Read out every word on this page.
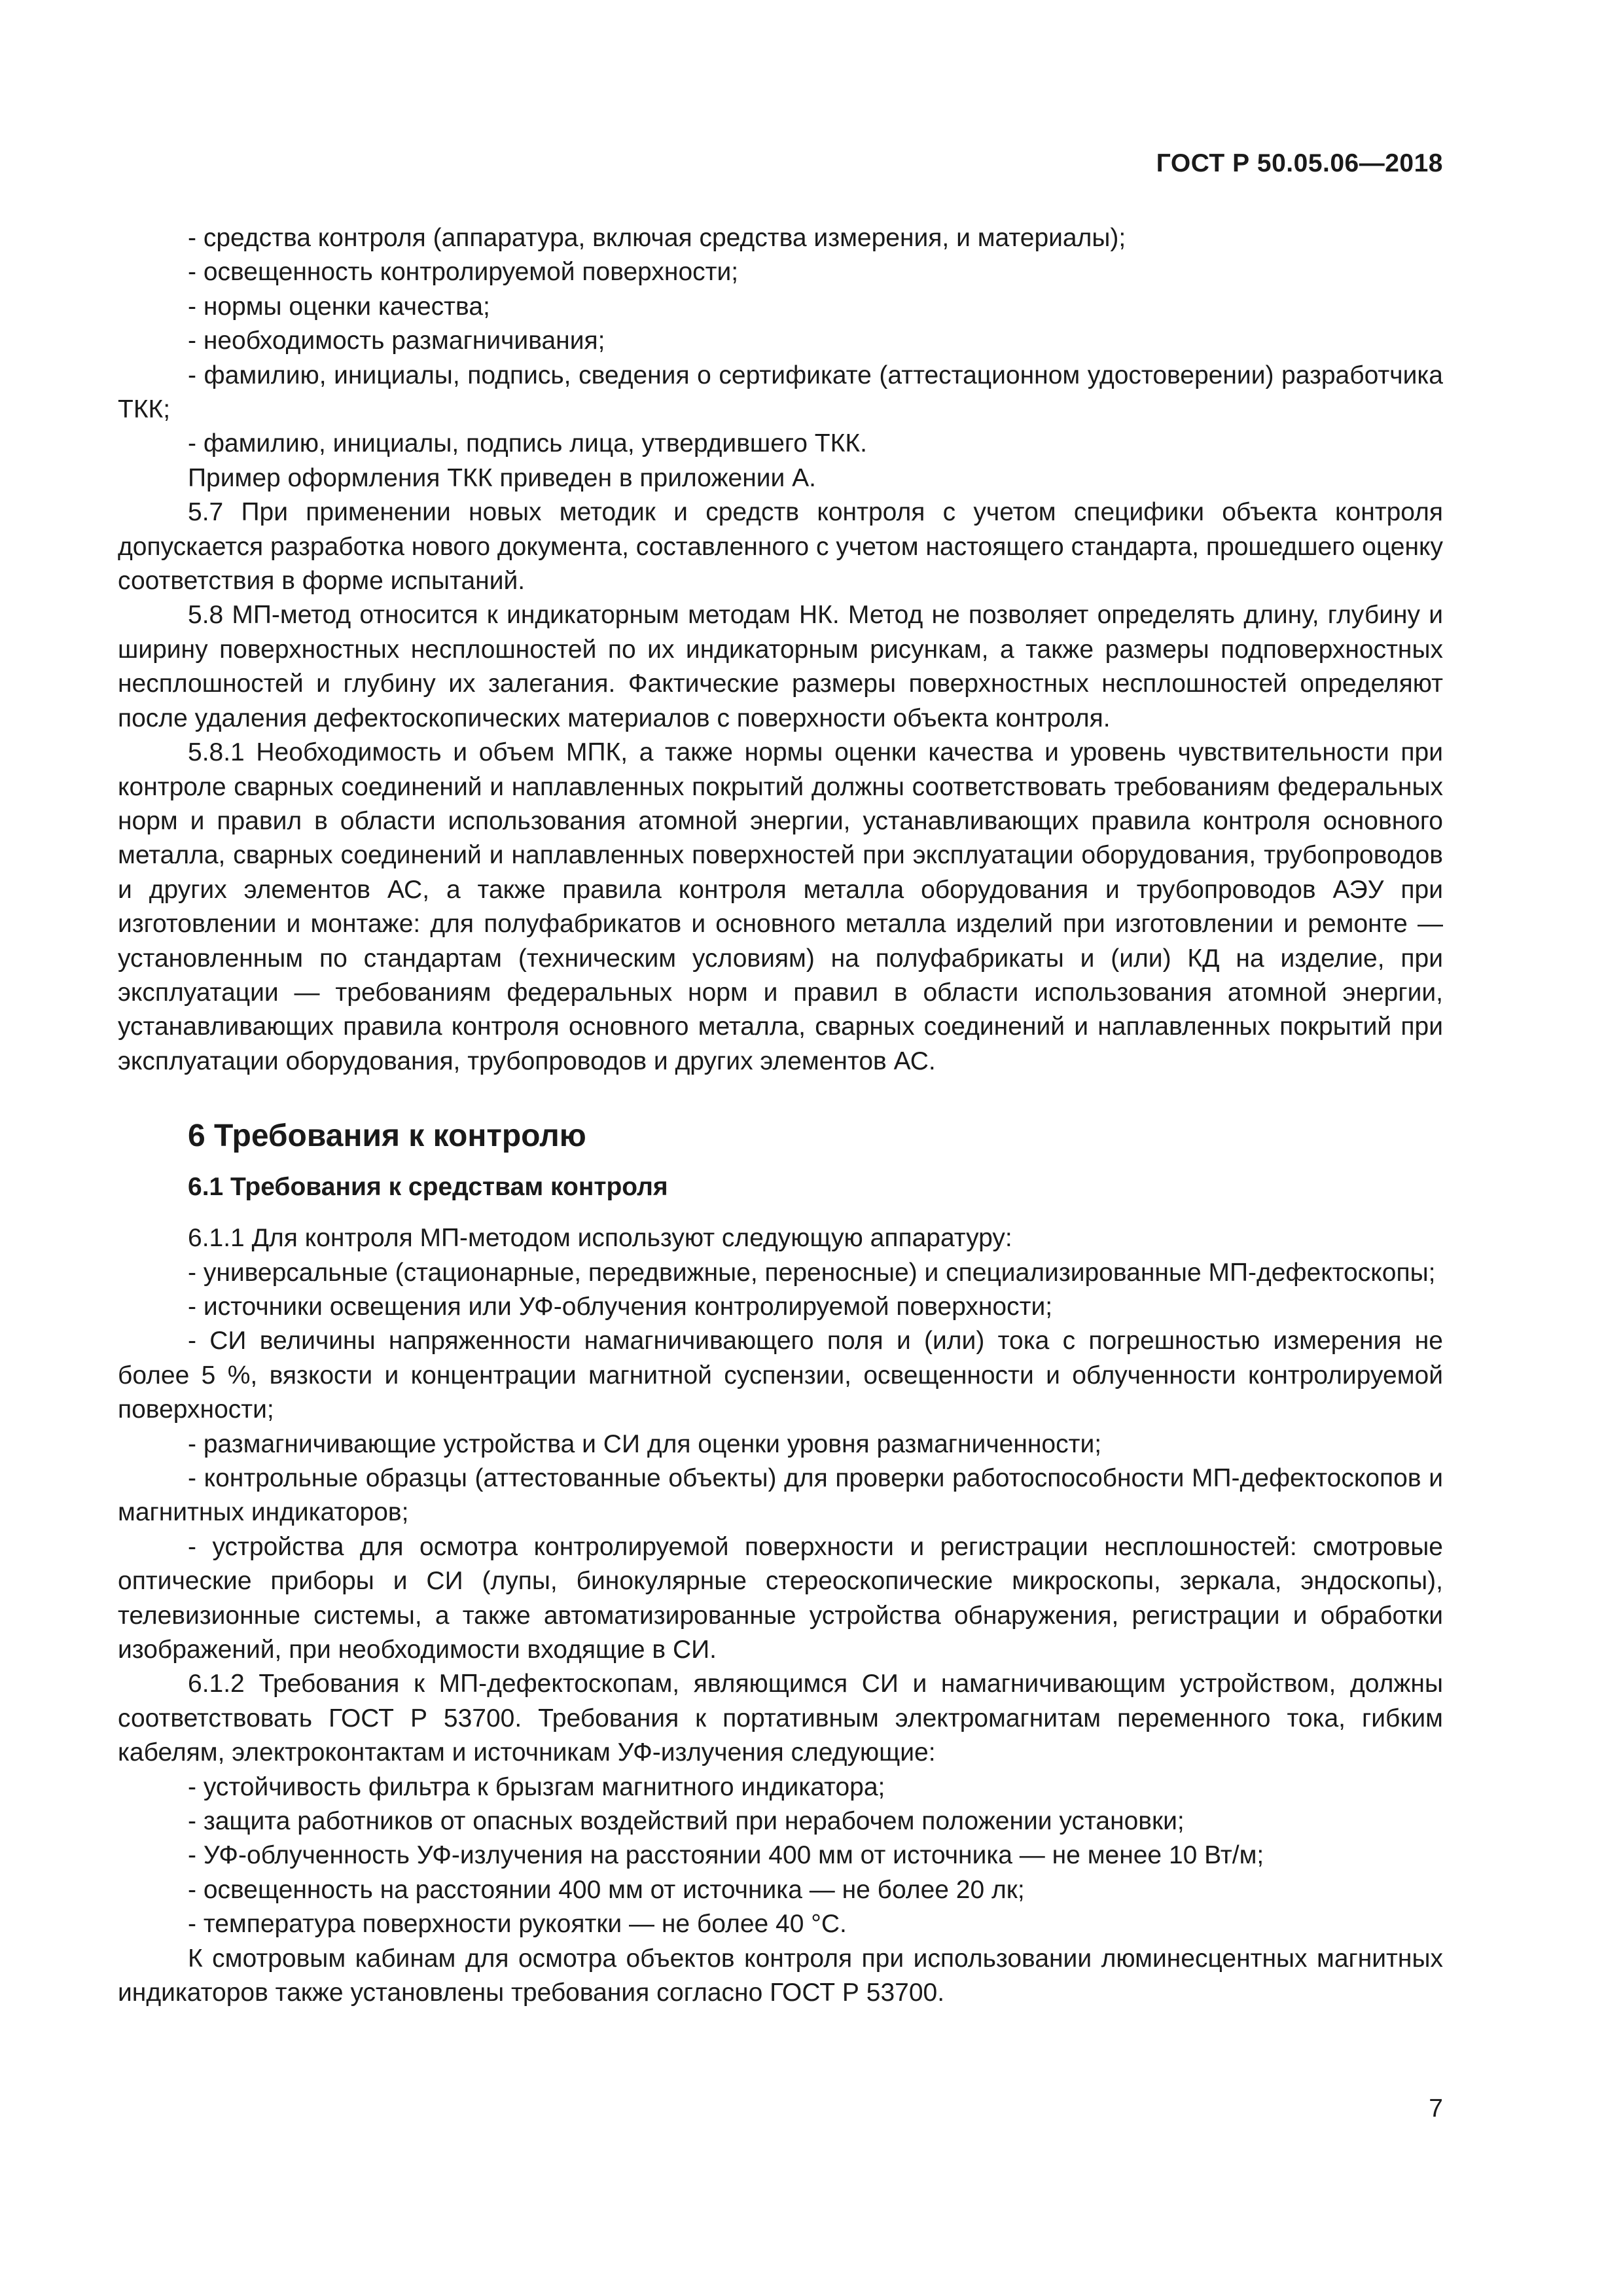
ГОСТ Р 50.05.06—2018

- средства контроля (аппаратура, включая средства измерения, и материалы);

- освещенность контролируемой поверхности;

- нормы оценки качества;

- необходимость размагничивания;

- фамилию, инициалы, подпись, сведения о сертификате (аттестационном удостоверении) разработчика ТКК;

- фамилию, инициалы, подпись лица, утвердившего ТКК.

Пример оформления ТКК приведен в приложении А.

5.7 При применении новых методик и средств контроля с учетом специфики объекта контроля допускается разработка нового документа, составленного с учетом настоящего стандарта, прошедшего оценку соответствия в форме испытаний.

5.8 МП-метод относится к индикаторным методам НК. Метод не позволяет определять длину, глубину и ширину поверхностных несплошностей по их индикаторным рисункам, а также размеры подповерхностных несплошностей и глубину их залегания. Фактические размеры поверхностных несплошностей определяют после удаления дефектоскопических материалов с поверхности объекта контроля.

5.8.1 Необходимость и объем МПК, а также нормы оценки качества и уровень чувствительности при контроле сварных соединений и наплавленных покрытий должны соответствовать требованиям федеральных норм и правил в области использования атомной энергии, устанавливающих правила контроля основного металла, сварных соединений и наплавленных поверхностей при эксплуатации оборудования, трубопроводов и других элементов АС, а также правила контроля металла оборудования и трубопроводов АЭУ при изготовлении и монтаже: для полуфабрикатов и основного металла изделий при изготовлении и ремонте — установленным по стандартам (техническим условиям) на полуфабрикаты и (или) КД на изделие, при эксплуатации — требованиям федеральных норм и правил в области использования атомной энергии, устанавливающих правила контроля основного металла, сварных соединений и наплавленных покрытий при эксплуатации оборудования, трубопроводов и других элементов АС.

6 Требования к контролю
6.1 Требования к средствам контроля

6.1.1 Для контроля МП-методом используют следующую аппаратуру:

- универсальные (стационарные, передвижные, переносные) и специализированные МП-дефектоскопы;

- источники освещения или УФ-облучения контролируемой поверхности;

- СИ величины напряженности намагничивающего поля и (или) тока с погрешностью измерения не более 5 %, вязкости и концентрации магнитной суспензии, освещенности и облученности контролируемой поверхности;

- размагничивающие устройства и СИ для оценки уровня размагниченности;

- контрольные образцы (аттестованные объекты) для проверки работоспособности МП-дефектоскопов и магнитных индикаторов;

- устройства для осмотра контролируемой поверхности и регистрации несплошностей: смотровые оптические приборы и СИ (лупы, бинокулярные стереоскопические микроскопы, зеркала, эндоскопы), телевизионные системы, а также автоматизированные устройства обнаружения, регистрации и обработки изображений, при необходимости входящие в СИ.

6.1.2 Требования к МП-дефектоскопам, являющимся СИ и намагничивающим устройством, должны соответствовать ГОСТ Р 53700. Требования к портативным электромагнитам переменного тока, гибким кабелям, электроконтактам и источникам УФ-излучения следующие:

- устойчивость фильтра к брызгам магнитного индикатора;

- защита работников от опасных воздействий при нерабочем положении установки;

- УФ-облученность УФ-излучения на расстоянии 400 мм от источника — не менее 10 Вт/м;

- освещенность на расстоянии 400 мм от источника — не более 20 лк;

- температура поверхности рукоятки — не более 40 °С.

К смотровым кабинам для осмотра объектов контроля при использовании люминесцентных магнитных индикаторов также установлены требования согласно ГОСТ Р 53700.

7
